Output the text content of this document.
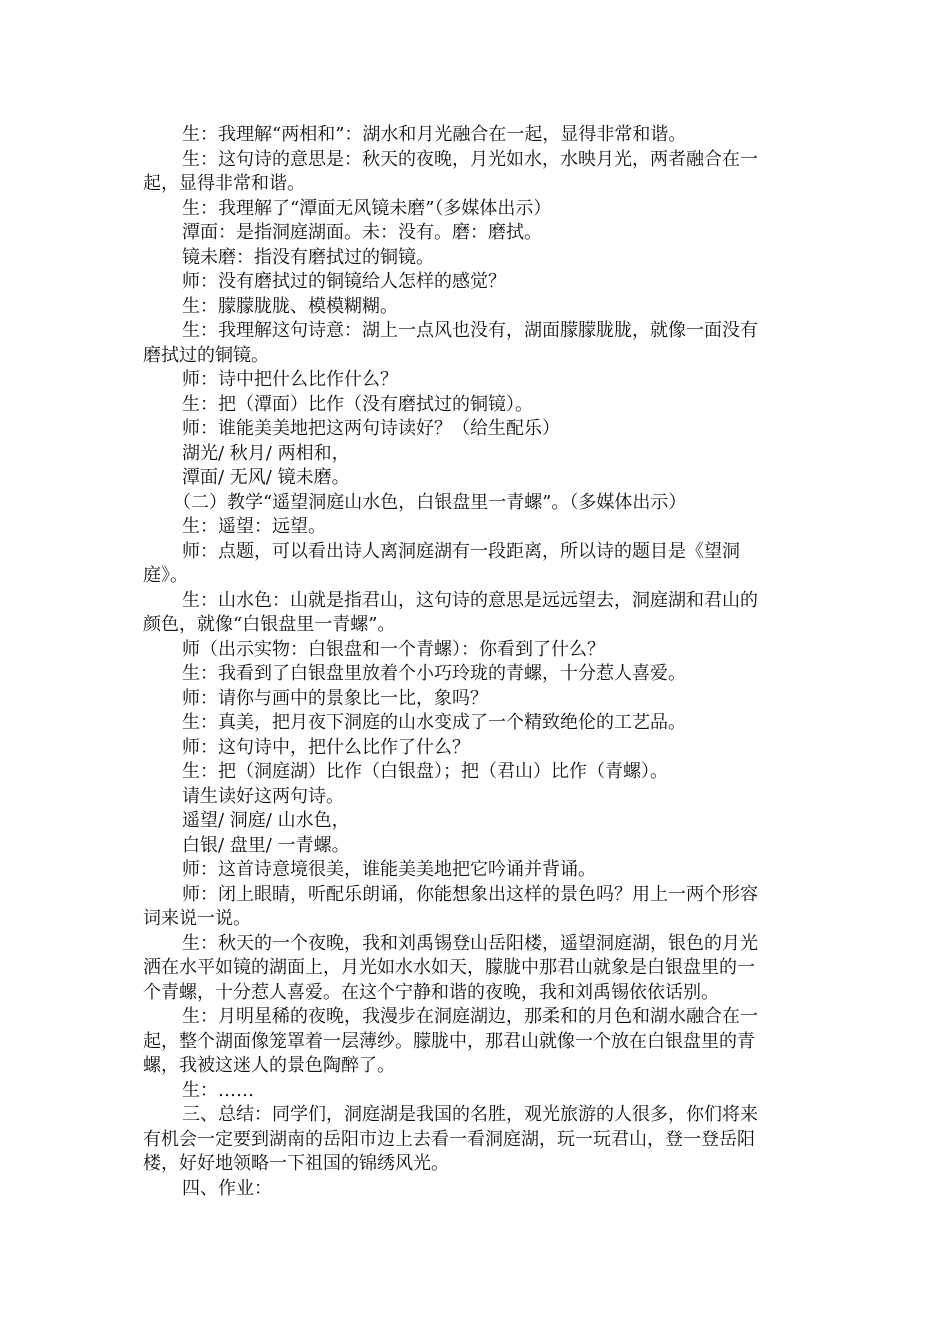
生：我理解“两相和”：湖水和月光融合在一起，显得非常和谐。
生：这句诗的意思是：秋天的夜晚，月光如水，水映月光，两者融合在一
起，显得非常和谐。
生：我理解了“潭面无风镜未磨”（多媒体出示）
潭面：是指洞庭湖面。未：没有。磨：磨拭。
镜未磨：指没有磨拭过的铜镜。
师：没有磨拭过的铜镜给人怎样的感觉？
生：朦朦胧胧、模模糊糊。
生：我理解这句诗意：湖上一点风也没有，湖面朦朦胧胧，就像一面没有
磨拭过的铜镜。
师：诗中把什么比作什么？
生：把（潭面）比作（没有磨拭过的铜镜）。
师：谁能美美地把这两句诗读好？（给生配乐）
湖光/ 秋月/ 两相和，
潭面/ 无风/ 镜未磨。
（二）教学“遥望洞庭山水色，白银盘里一青螺”。（多媒体出示）
生：遥望：远望。
师：点题，可以看出诗人离洞庭湖有一段距离，所以诗的题目是《望洞
庭》。
生：山水色：山就是指君山，这句诗的意思是远远望去，洞庭湖和君山的
颜色，就像“白银盘里一青螺”。
师（出示实物：白银盘和一个青螺）：你看到了什么？
生：我看到了白银盘里放着个小巧玲珑的青螺，十分惹人喜爱。
师：请你与画中的景象比一比，象吗？
生：真美，把月夜下洞庭的山水变成了一个精致绝伦的工艺品。
师：这句诗中，把什么比作了什么？
生：把（洞庭湖）比作（白银盘）；把（君山）比作（青螺）。
请生读好这两句诗。
遥望/ 洞庭/ 山水色，
白银/ 盘里/ 一青螺。
师：这首诗意境很美，谁能美美地把它吟诵并背诵。
师：闭上眼睛，听配乐朗诵，你能想象出这样的景色吗？用上一两个形容
词来说一说。
生：秋天的一个夜晚，我和刘禹锡登山岳阳楼，遥望洞庭湖，银色的月光
洒在水平如镜的湖面上，月光如水水如天，朦胧中那君山就象是白银盘里的一
个青螺，十分惹人喜爱。在这个宁静和谐的夜晚，我和刘禹锡依依话别。
生：月明星稀的夜晚，我漫步在洞庭湖边，那柔和的月色和湖水融合在一
起，整个湖面像笼罩着一层薄纱。朦胧中，那君山就像一个放在白银盘里的青
螺，我被这迷人的景色陶醉了。
生：……
三、总结：同学们，洞庭湖是我国的名胜，观光旅游的人很多，你们将来
有机会一定要到湖南的岳阳市边上去看一看洞庭湖，玩一玩君山，登一登岳阳
楼，好好地领略一下祖国的锦绣风光。
四、作业：
